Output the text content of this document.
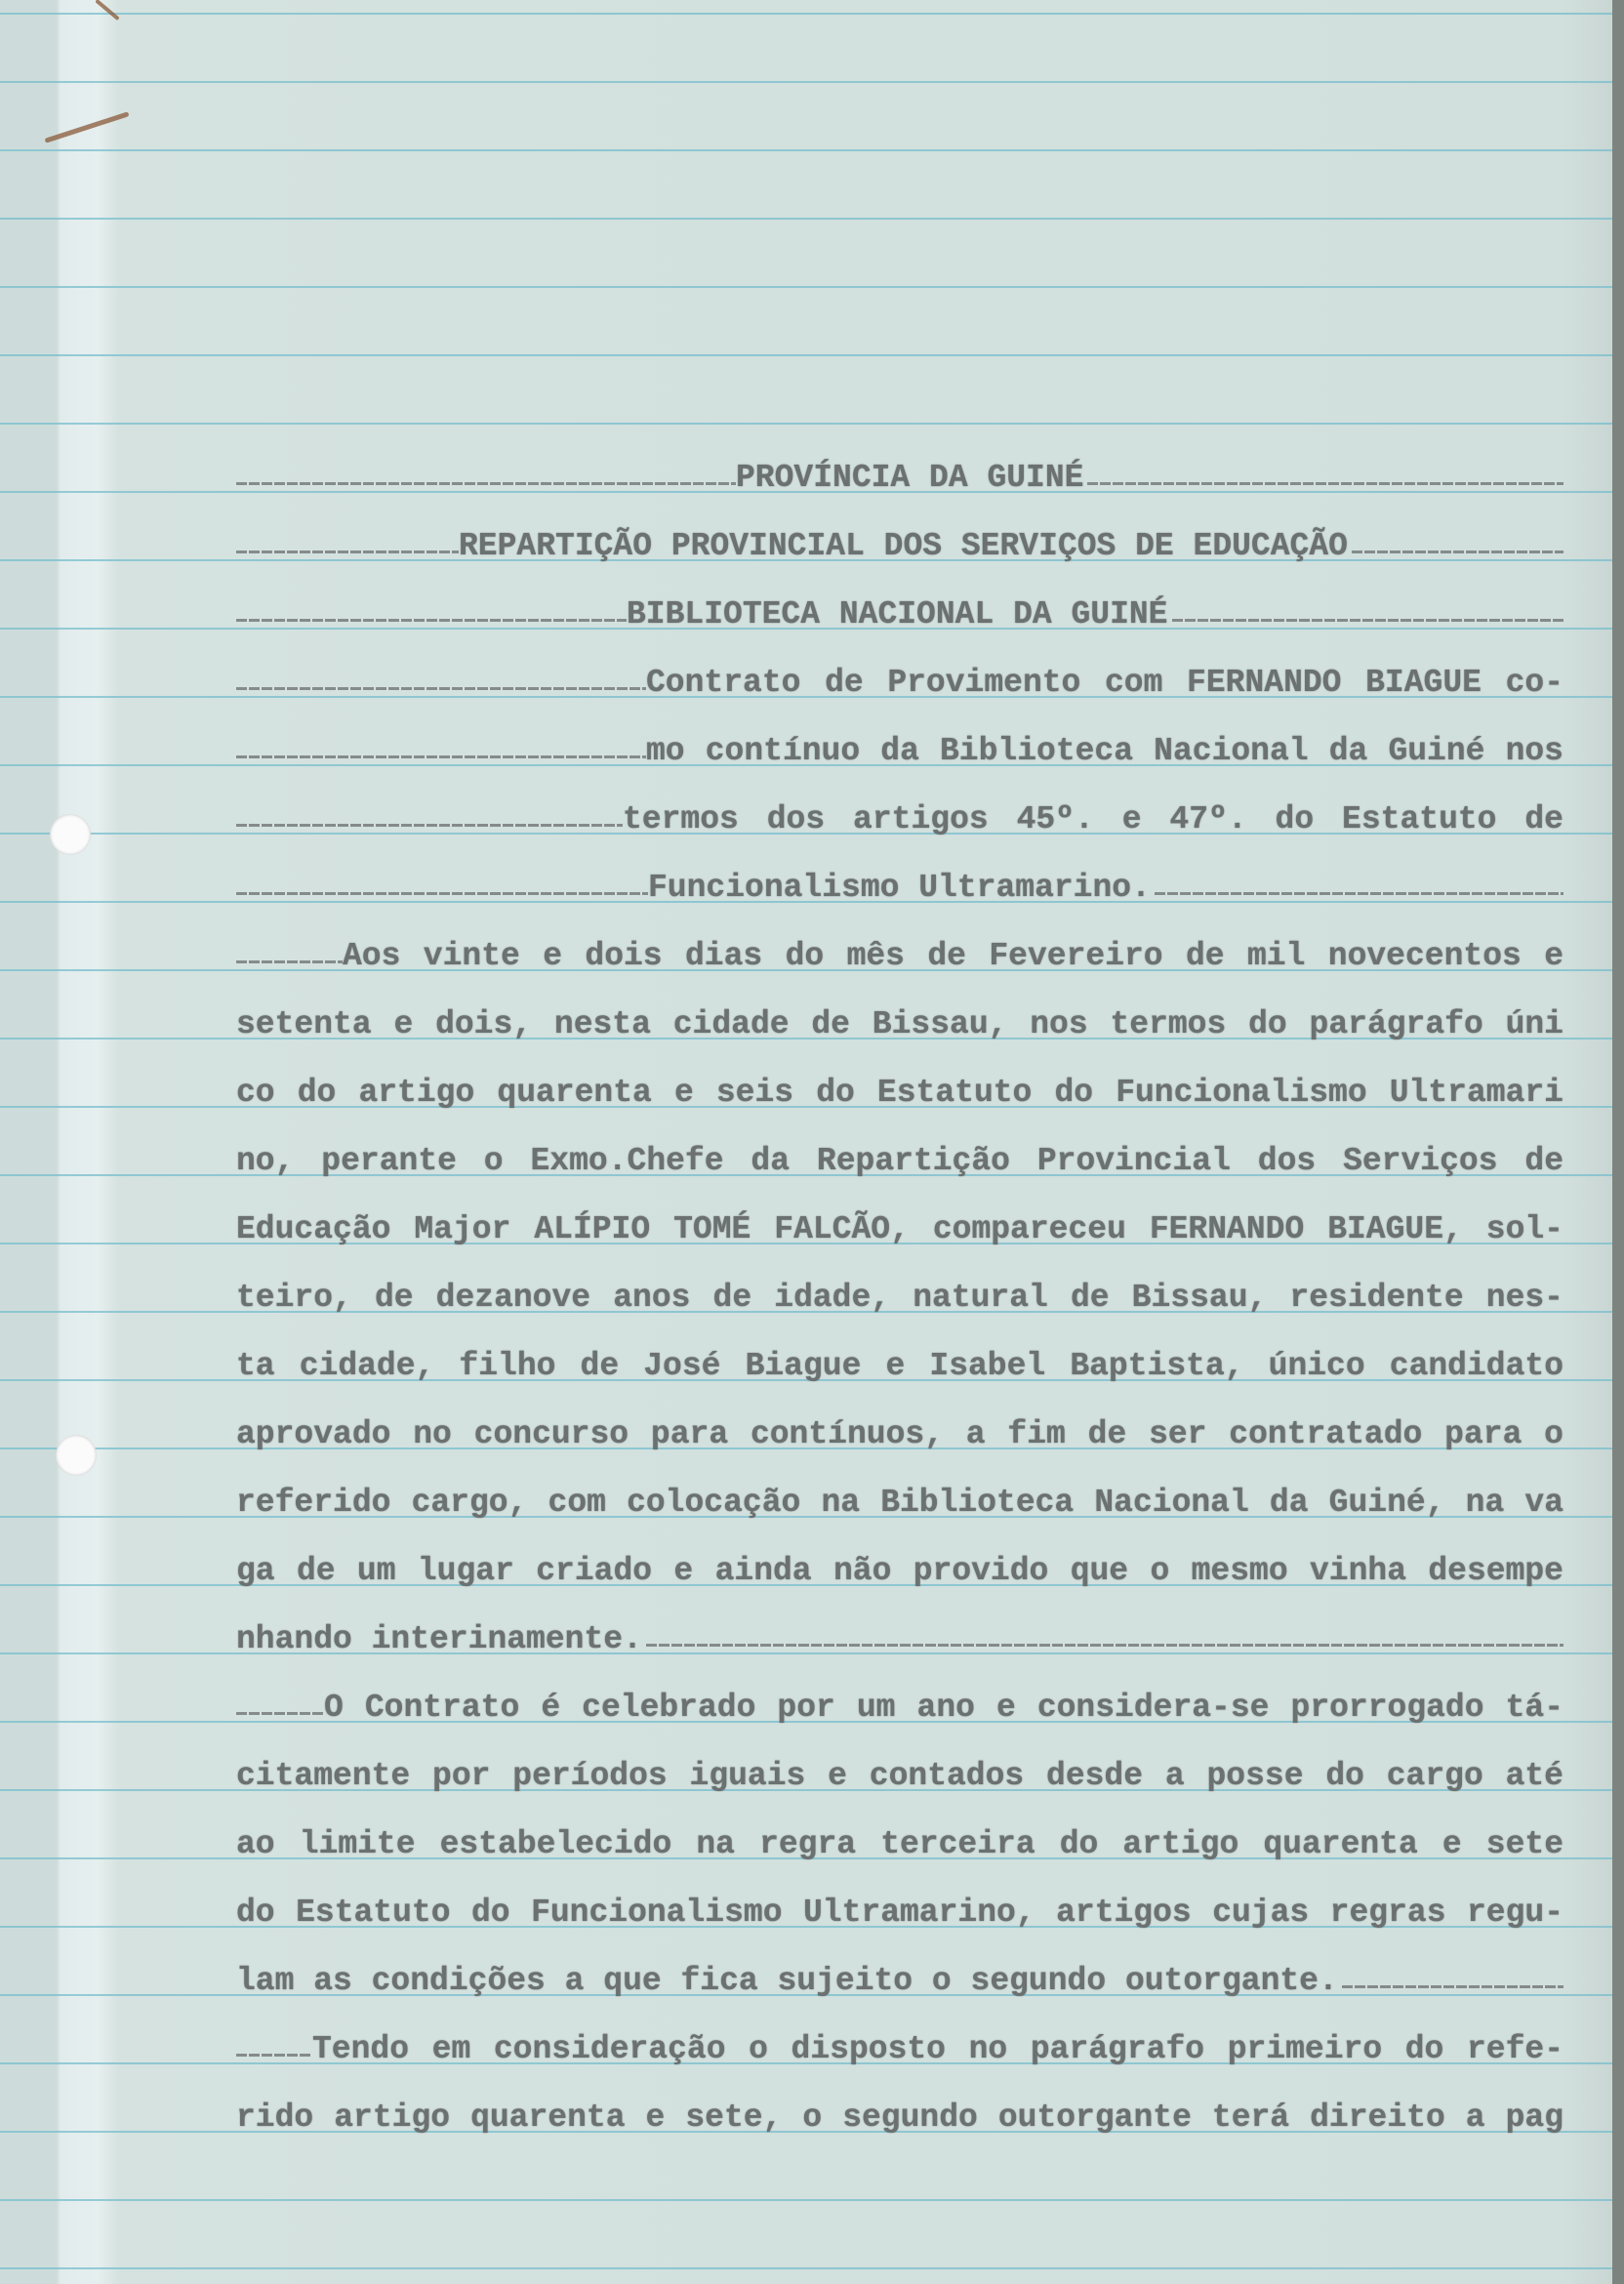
PROVÍNCIA DA GUINÉ
REPARTIÇÃO PROVINCIAL DOS SERVIÇOS DE EDUCAÇÃO
BIBLIOTECA NACIONAL DA GUINÉ
Contrato de Provimento com FERNANDO BIAGUE co-
mo contínuo da Biblioteca Nacional da Guiné nos
termos dos artigos 45º. e 47º. do Estatuto de
Funcionalismo Ultramarino.
Aos vinte e dois dias do mês de Fevereiro de mil novecentos e
setenta e dois, nesta cidade de Bissau, nos termos do parágrafo úni
co do artigo quarenta e seis do Estatuto do Funcionalismo Ultramari
no, perante o Exmo.Chefe da Repartição Provincial dos Serviços de
Educação Major ALÍPIO TOMÉ FALCÃO, compareceu FERNANDO BIAGUE, sol-
teiro, de dezanove anos de idade, natural de Bissau, residente nes-
ta cidade, filho de José Biague e Isabel Baptista, único candidato
aprovado no concurso para contínuos, a fim de ser contratado para o
referido cargo, com colocação na Biblioteca Nacional da Guiné, na va
ga de um lugar criado e ainda não provido que o mesmo vinha desempe
nhando interinamente.
O Contrato é celebrado por um ano e considera-se prorrogado tá-
citamente por períodos iguais e contados desde a posse do cargo até
ao limite estabelecido na regra terceira do artigo quarenta e sete
do Estatuto do Funcionalismo Ultramarino, artigos cujas regras regu-
lam as condições a que fica sujeito o segundo outorgante.
Tendo em consideração o disposto no parágrafo primeiro do refe-
rido artigo quarenta e sete, o segundo outorgante terá direito a pag
